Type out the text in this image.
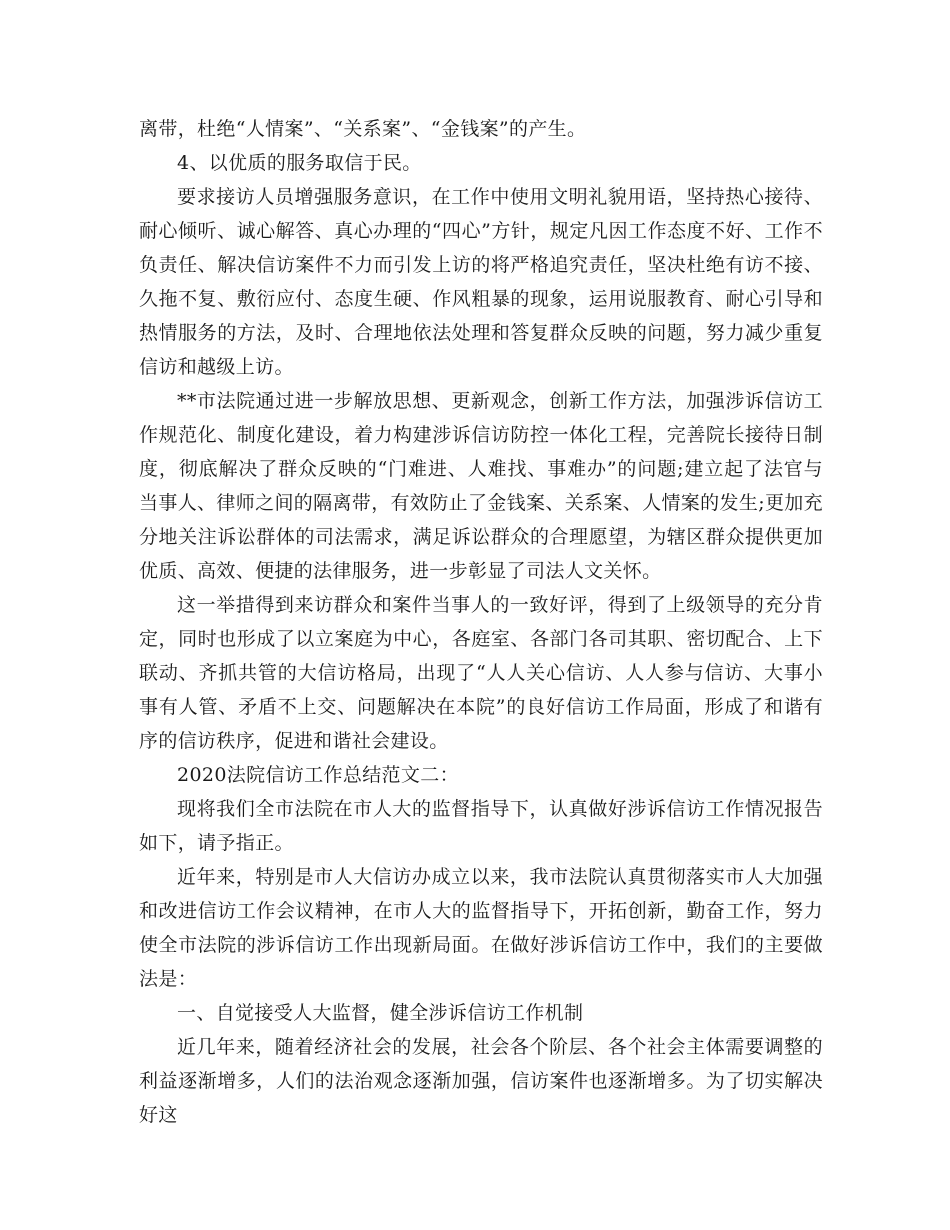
离带，杜绝“人情案”、“关系案”、“金钱案”的产生。

4、以优质的服务取信于民。

要求接访人员增强服务意识，在工作中使用文明礼貌用语，坚持热心接待、耐心倾听、诚心解答、真心办理的“四心”方针，规定凡因工作态度不好、工作不负责任、解决信访案件不力而引发上访的将严格追究责任，坚决杜绝有访不接、久拖不复、敷衍应付、态度生硬、作风粗暴的现象，运用说服教育、耐心引导和热情服务的方法，及时、合理地依法处理和答复群众反映的问题，努力减少重复信访和越级上访。

**市法院通过进一步解放思想、更新观念，创新工作方法，加强涉诉信访工作规范化、制度化建设，着力构建涉诉信访防控一体化工程，完善院长接待日制度，彻底解决了群众反映的“门难进、人难找、事难办”的问题;建立起了法官与当事人、律师之间的隔离带，有效防止了金钱案、关系案、人情案的发生;更加充分地关注诉讼群体的司法需求，满足诉讼群众的合理愿望，为辖区群众提供更加优质、高效、便捷的法律服务，进一步彰显了司法人文关怀。

这一举措得到来访群众和案件当事人的一致好评，得到了上级领导的充分肯定，同时也形成了以立案庭为中心，各庭室、各部门各司其职、密切配合、上下联动、齐抓共管的大信访格局，出现了“人人关心信访、人人参与信访、大事小事有人管、矛盾不上交、问题解决在本院”的良好信访工作局面，形成了和谐有序的信访秩序，促进和谐社会建设。

2020法院信访工作总结范文二：

现将我们全市法院在市人大的监督指导下，认真做好涉诉信访工作情况报告如下，请予指正。

近年来，特别是市人大信访办成立以来，我市法院认真贯彻落实市人大加强和改进信访工作会议精神，在市人大的监督指导下，开拓创新，勤奋工作，努力使全市法院的涉诉信访工作出现新局面。在做好涉诉信访工作中，我们的主要做法是：

一、自觉接受人大监督，健全涉诉信访工作机制

近几年来，随着经济社会的发展，社会各个阶层、各个社会主体需要调整的利益逐渐增多，人们的法治观念逐渐加强，信访案件也逐渐增多。为了切实解决好这
